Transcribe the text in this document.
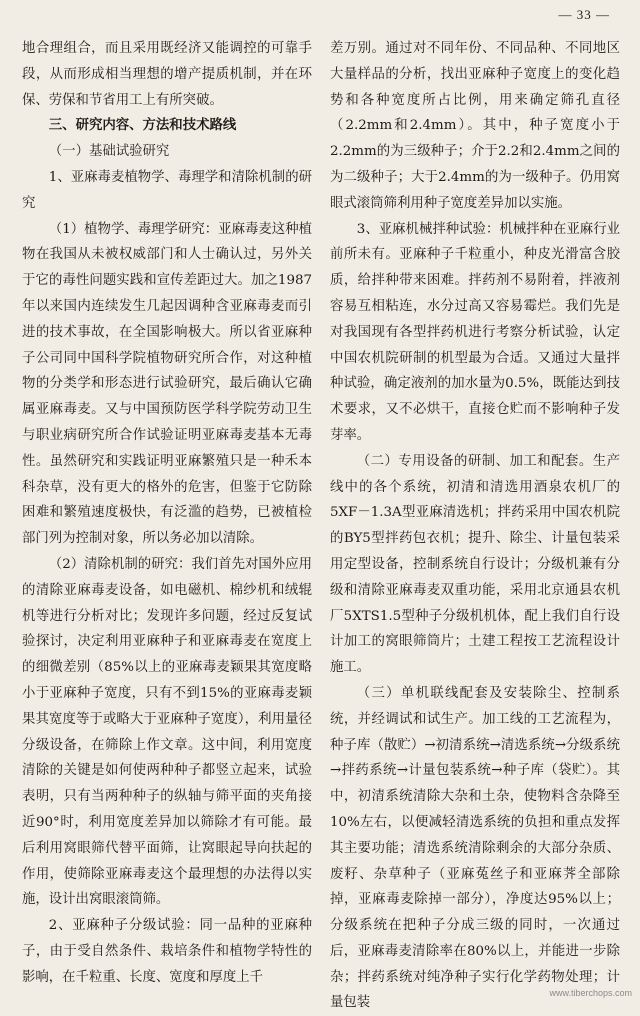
— 33 —

地合理组合，而且采用既经济又能调控的可靠手段，从而形成相当理想的增产提质机制，并在环保、劳保和节省用工上有所突破。

三、研究内容、方法和技术路线

（一）基础试验研究

1、亚麻毒麦植物学、毒理学和清除机制的研究

（1）植物学、毒理学研究：亚麻毒麦这种植物在我国从未被权威部门和人士确认过，另外关于它的毒性问题实践和宣传差距过大。加之1987年以来国内连续发生几起因调种含亚麻毒麦而引进的技术事故，在全国影响极大。所以省亚麻种子公司同中国科学院植物研究所合作，对这种植物的分类学和形态进行试验研究，最后确认它确属亚麻毒麦。又与中国预防医学科学院劳动卫生与职业病研究所合作试验证明亚麻毒麦基本无毒性。虽然研究和实践证明亚麻繁殖只是一种禾本科杂草，没有更大的格外的危害，但鉴于它防除困难和繁殖速度极快，有泛滥的趋势，已被植检部门列为控制对象，所以务必加以清除。

（2）清除机制的研究：我们首先对国外应用的清除亚麻毒麦设备，如电磁机、棉纱机和绒辊机等进行分析对比；发现许多问题，经过反复试验探讨，决定利用亚麻种子和亚麻毒麦在宽度上的细微差别（85%以上的亚麻毒麦颖果其宽度略小于亚麻种子宽度，只有不到15%的亚麻毒麦颖果其宽度等于或略大于亚麻种子宽度），利用量径分级设备，在筛除上作文章。这中间，利用宽度清除的关键是如何使两种种子都竖立起来，试验表明，只有当两种种子的纵轴与筛平面的夹角接近90°时，利用宽度差异加以筛除才有可能。最后利用窝眼筛代替平面筛，让窝眼起导向扶起的作用，使筛除亚麻毒麦这个最理想的办法得以实施，设计出窝眼滚筒筛。

2、亚麻种子分级试验：同一品种的亚麻种子，由于受自然条件、栽培条件和植物学特性的影响，在千粒重、长度、宽度和厚度上千

差万别。通过对不同年份、不同品种、不同地区大量样品的分析，找出亚麻种子宽度上的变化趋势和各种宽度所占比例，用来确定筛孔直径（2.2mm和2.4mm）。其中，种子宽度小于2.2mm的为三级种子；介于2.2和2.4mm之间的为二级种子；大于2.4mm的为一级种子。仍用窝眼式滚筒筛利用种子宽度差异加以实施。

3、亚麻机械拌种试验：机械拌种在亚麻行业前所未有。亚麻种子千粒重小，种皮光滑富含胶质，给拌种带来困难。拌药剂不易附着，拌液剂容易互相粘连，水分过高又容易霉烂。我们先是对我国现有各型拌药机进行考察分析试验，认定中国农机院研制的机型最为合适。又通过大量拌种试验，确定液剂的加水量为0.5%，既能达到技术要求，又不必烘干，直接仓贮而不影响种子发芽率。

（二）专用设备的研制、加工和配套。生产线中的各个系统，初清和清选用酒泉农机厂的5XF－1.3A型亚麻清选机；拌药采用中国农机院的BY5型拌药包衣机；提升、除尘、计量包装采用定型设备，控制系统自行设计；分级机兼有分级和清除亚麻毒麦双重功能，采用北京通县农机厂5XTS1.5型种子分级机机体，配上我们自行设计加工的窝眼筛筒片；土建工程按工艺流程设计施工。

（三）单机联线配套及安装除尘、控制系统，并经调试和试生产。加工线的工艺流程为，种子库（散贮）→初清系统→清选系统→分级系统→拌药系统→计量包装系统→种子库（袋贮）。其中，初清系统清除大杂和土杂，使物料含杂降至10%左右，以便减轻清选系统的负担和重点发挥其主要功能；清选系统清除剩余的大部分杂质、废籽、杂草种子（亚麻菟丝子和亚麻荠全部除掉，亚麻毒麦除掉一部分），净度达95%以上；分级系统在把种子分成三级的同时，一次通过后，亚麻毒麦清除率在80%以上，并能进一步除杂；拌药系统对纯净种子实行化学药物处理；计量包装

www.tiberchops.com
